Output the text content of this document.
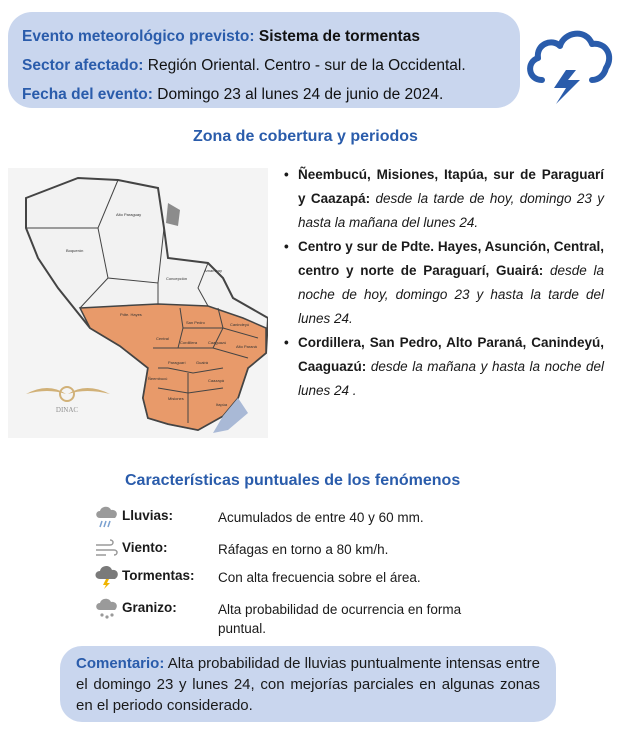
Evento meteorológico previsto: Sistema de tormentas
Sector afectado: Región Oriental. Centro - sur de la Occidental.
Fecha del evento: Domingo 23 al lunes 24 de junio de 2024.
Zona de cobertura y periodos
Alto Paraguay
Boquerón
Concepción
Amambay
Pdte. Hayes
San Pedro	Canindeyú
Central
Cordillera	Caaguazú
Alto Paraná
Paraguarí	Guairá
Caazapá
Misiones
Itapúa
Ñeembucú
DINAC
• Ñeembucú, Misiones, Itapúa, sur de Paraguarí y Caazapá: desde la tarde de hoy, domingo 23 y hasta la mañana del lunes 24.
• Centro y sur de Pdte. Hayes, Asunción, Central, centro y norte de Paraguarí, Guairá: desde la noche de hoy, domingo 23 y hasta la tarde del lunes 24.
• Cordillera, San Pedro, Alto Paraná, Canindeyú, Caaguazú: desde la mañana y hasta la noche del lunes 24 .
Características puntuales de los fenómenos
Lluvias:	Acumulados de entre 40 y 60 mm.
Viento:	Ráfagas en torno a 80 km/h.
Tormentas:	Con alta frecuencia sobre el área.
Granizo:	Alta probabilidad de ocurrencia en forma puntual.
Comentario: Alta probabilidad de lluvias puntualmente intensas entre el domingo 23 y lunes 24, con mejorías parciales en algunas zonas en el periodo considerado.
